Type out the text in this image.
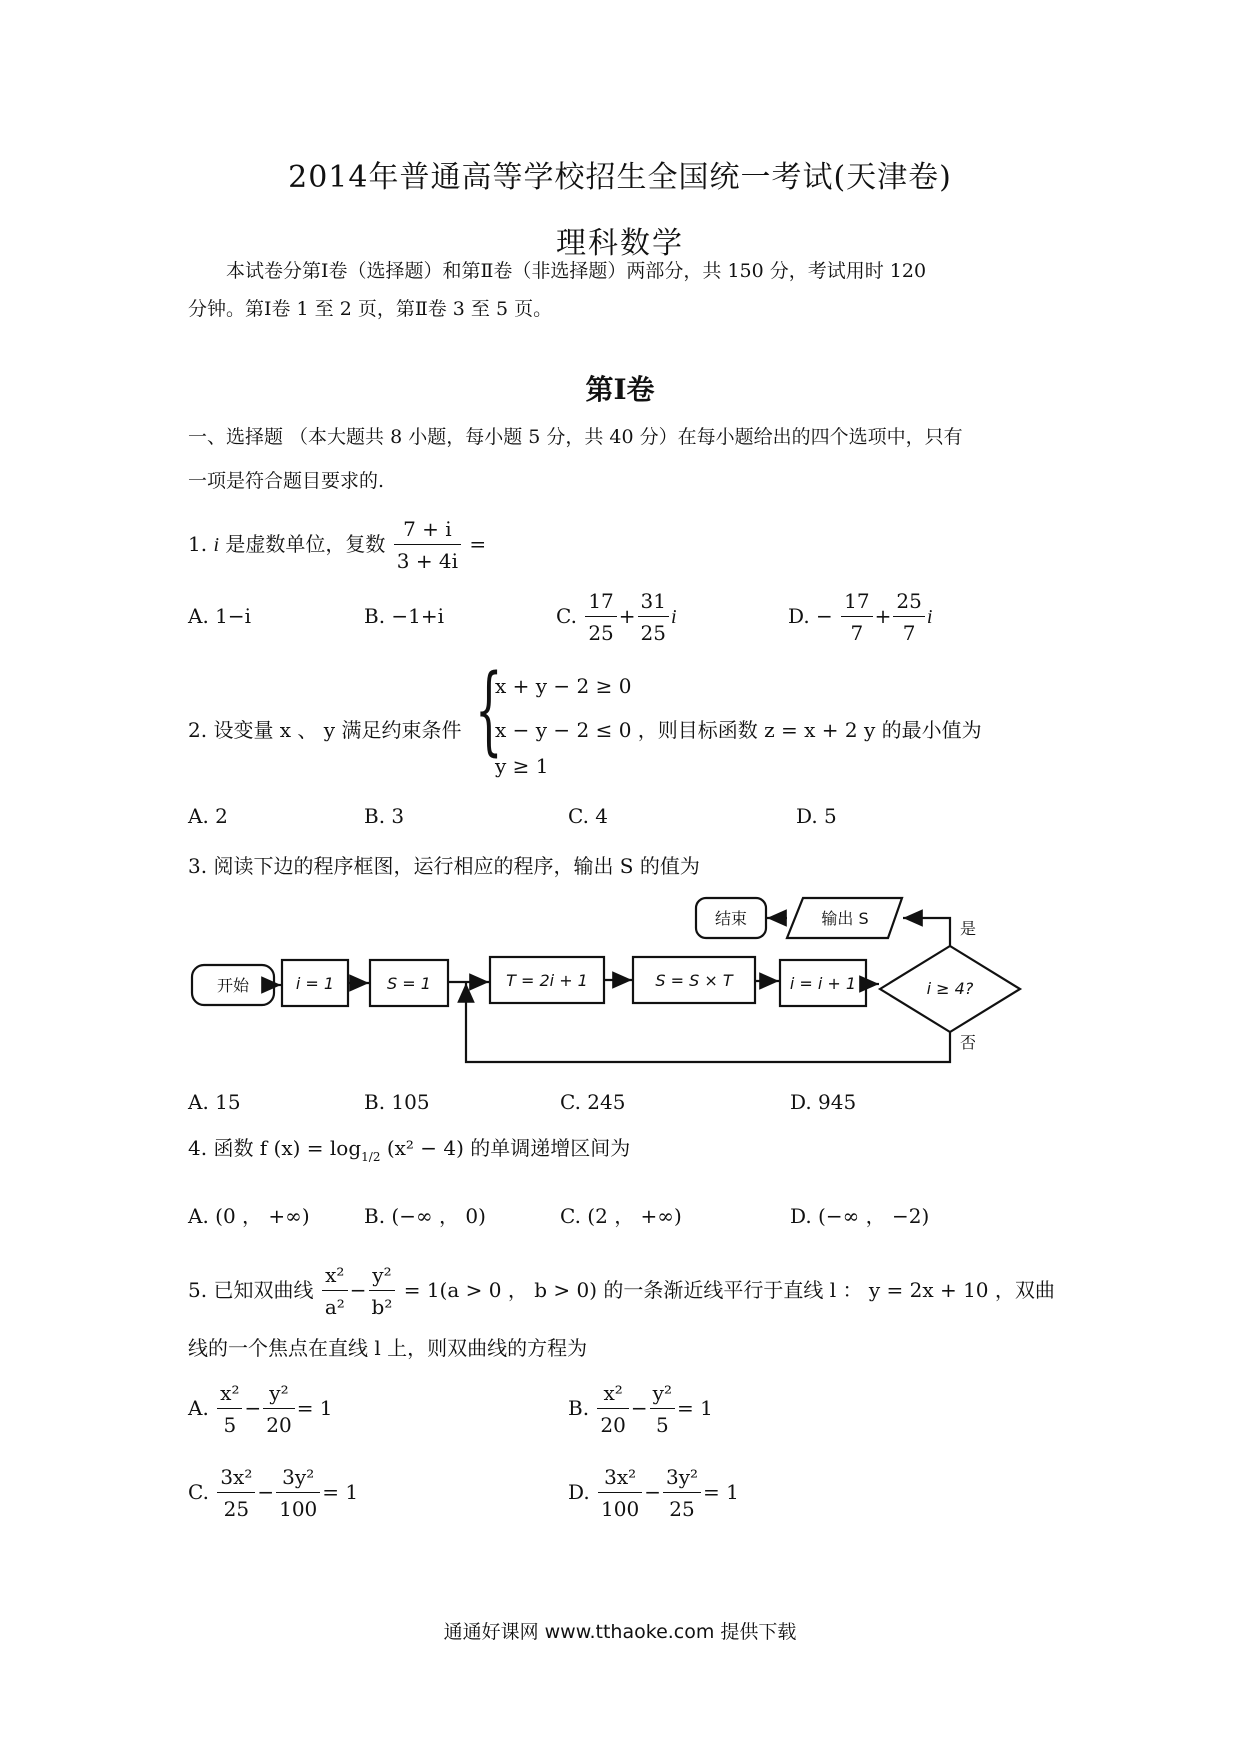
2014年普通高等学校招生全国统一考试(天津卷)
理科数学
本试卷分第Ⅰ卷（选择题）和第Ⅱ卷（非选择题）两部分，共 150 分，考试用时 120
分钟。第Ⅰ卷 1 至 2 页，第Ⅱ卷 3 至 5 页。
第Ⅰ卷
一、选择题 （本大题共 8 小题，每小题 5 分，共 40 分）在每小题给出的四个选项中，只有
一项是符合题目要求的.
1. i 是虚数单位，复数 $\frac{7 + i}{3 + 4i}$ =
A. 1−i	B. −1+i	C. $\frac{17}{25} + \frac{31}{25}$ i	D. − $\frac{17}{7} + \frac{25}{7}$ i
2. 设变量 x 、 y 满足约束条件 {
x + y − 2 ≥ 0
x − y − 2 ≤ 0 ，则目标函数 z = x + 2 y 的最小值为
y ≥ 1
A. 2	B. 3	C. 4	D. 5
3. 阅读下边的程序框图，运行相应的程序，输出 S 的值为
开始	i = 1	S = 1	T = 2i + 1	S = S × T	i = i + 1	i ≥ 4?
输出 S
结束
是
否
A. 15	B. 105	C. 245	D. 945
4. 函数 f $(x) = \log_{1/2} (x^2 - 4)$ 的单调递增区间为
A. (0 ， +∞)	B. (−∞ ， 0)	C. (2 ， +∞)	D. (−∞ ， −2)
5. 已知双曲线 $\frac{\text{x²}}{\text{a²}} - \frac{\text{y²}}{\text{b²}} = 1(a > 0$ ， b > 0) 的一条渐近线平行于直线 l ： y = 2x + 10 ，双曲
线的一个焦点在直线 l 上，则双曲线的方程为
A. $\frac{\text{x²}}{5} - \frac{\text{y²}}{20} = 1$	B. $\frac{\text{x²}}{20} - \frac{\text{y²}}{5} = 1$
C. $\frac{\text{3x²}}{25} - \frac{\text{3y²}}{100} = 1$	D. $\frac{\text{3x²}}{100} - \frac{\text{3y²}}{25} = 1$
通通好课网 www.tthaoke.com 提供下载
